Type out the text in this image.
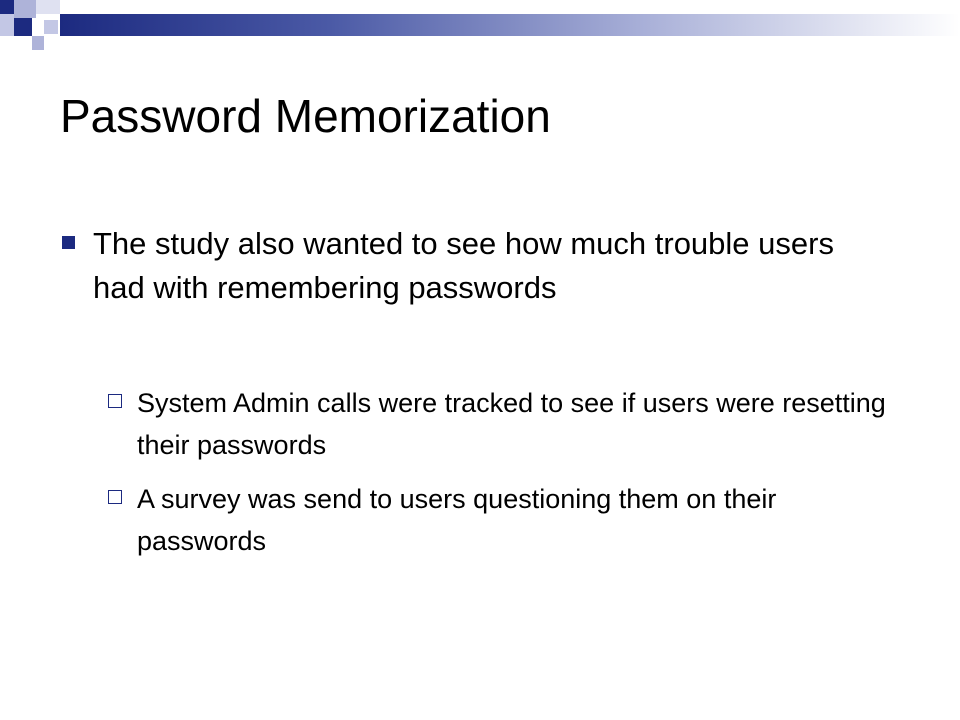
Password Memorization
The study also wanted to see how much trouble users had with remembering passwords
System Admin calls were tracked to see if users were resetting their passwords
A survey was send to users questioning them on their passwords
